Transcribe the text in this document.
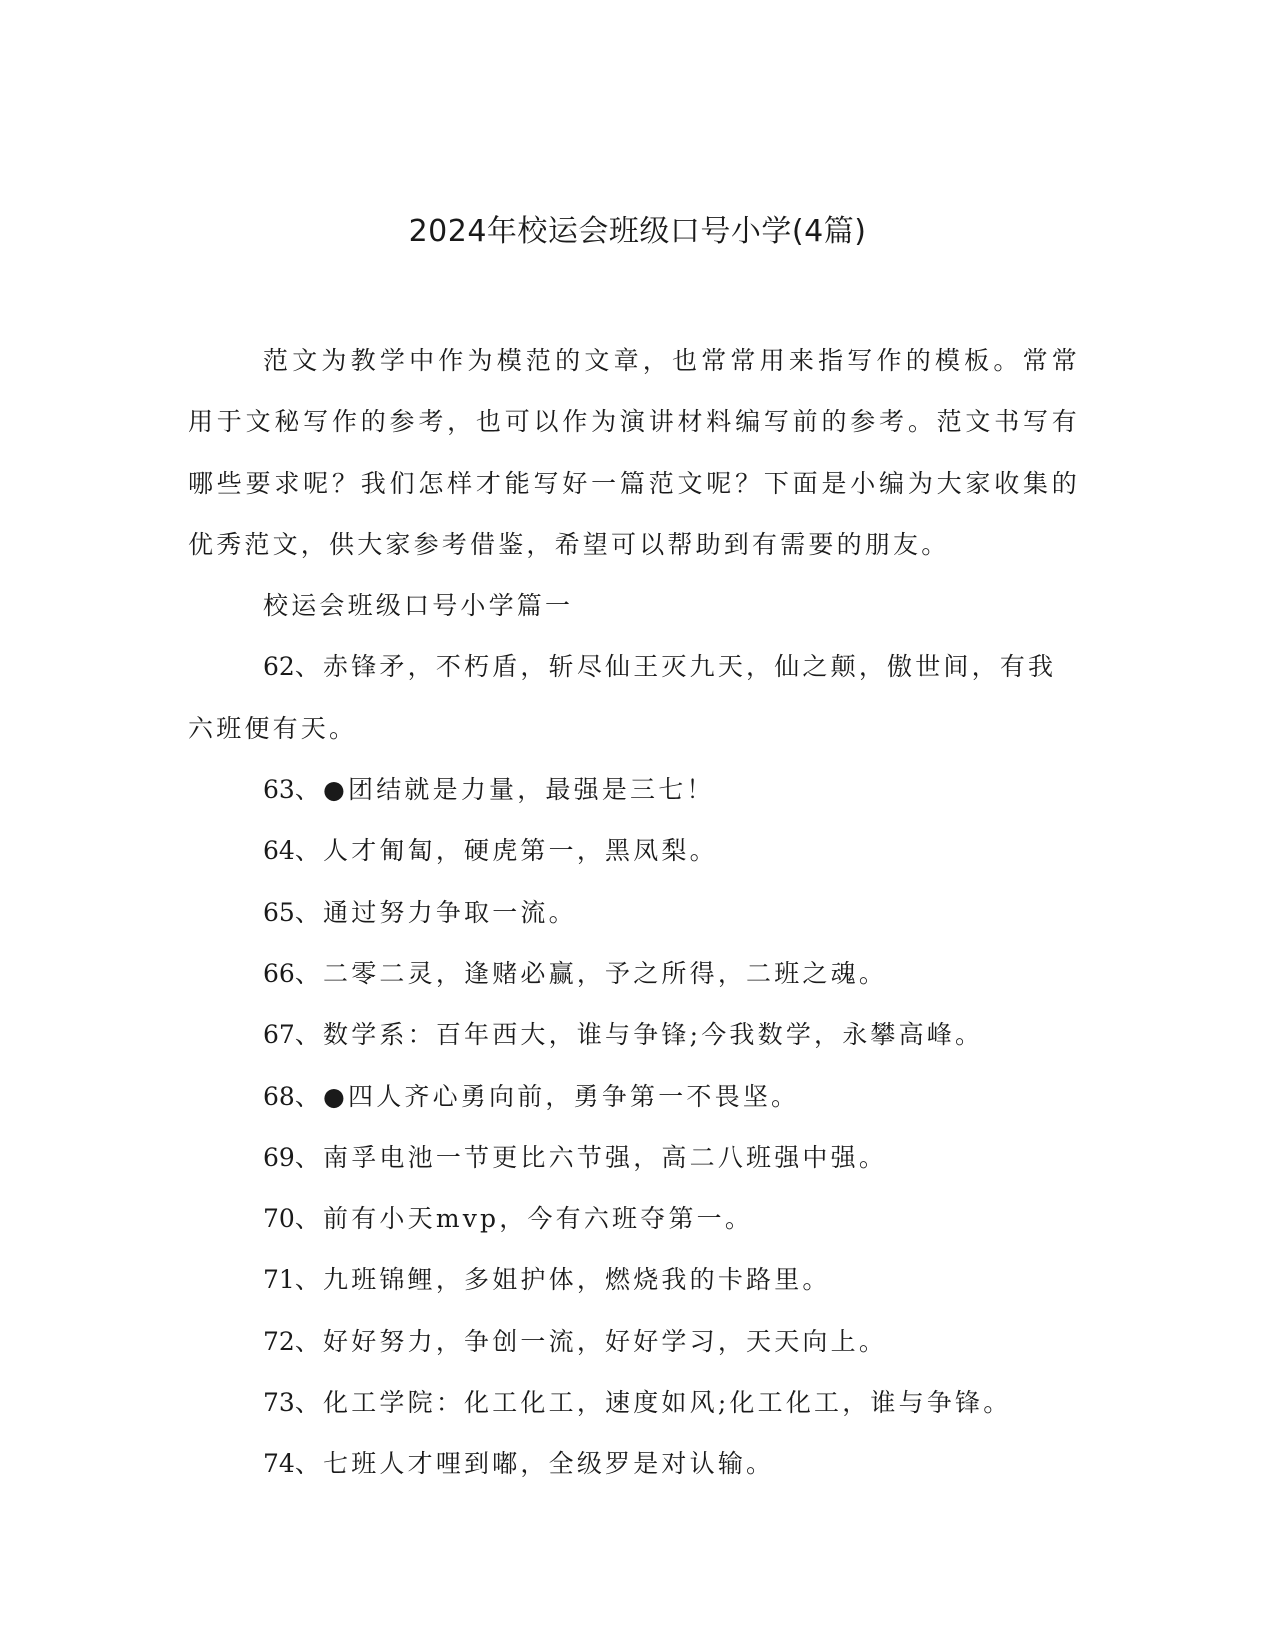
2024年校运会班级口号小学(4篇)

范文为教学中作为模范的文章，也常常用来指写作的模板。常常用于文秘写作的参考，也可以作为演讲材料编写前的参考。范文书写有哪些要求呢？我们怎样才能写好一篇范文呢？下面是小编为大家收集的优秀范文，供大家参考借鉴，希望可以帮助到有需要的朋友。

校运会班级口号小学篇一

62、赤锋矛，不朽盾，斩尽仙王灭九天，仙之颠，傲世间，有我六班便有天。

63、●团结就是力量，最强是三七！

64、人才匍匐，硬虎第一，黑凤梨。

65、通过努力争取一流。

66、二零二灵，逢赌必赢，予之所得，二班之魂。

67、数学系：百年西大，谁与争锋;今我数学，永攀高峰。

68、●四人齐心勇向前，勇争第一不畏坚。

69、南孚电池一节更比六节强，高二八班强中强。

70、前有小天mvp，今有六班夺第一。

71、九班锦鲤，多姐护体，燃烧我的卡路里。

72、好好努力，争创一流，好好学习，天天向上。

73、化工学院：化工化工，速度如风;化工化工，谁与争锋。

74、七班人才哩到嘟，全级罗是对认输。
